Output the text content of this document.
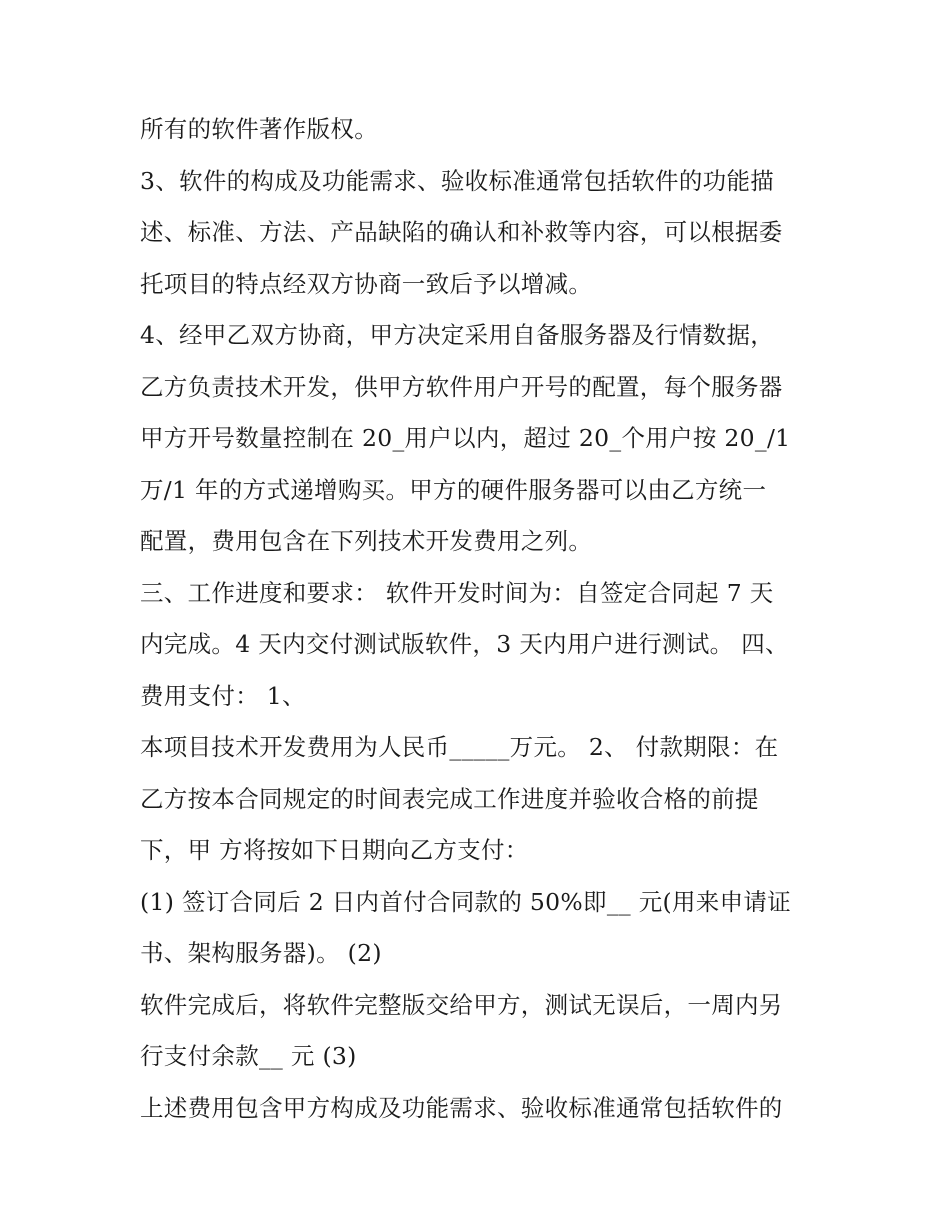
所有的软件著作版权。
3、软件的构成及功能需求、验收标准通常包括软件的功能描
述、标准、方法、产品缺陷的确认和补救等内容，可以根据委
托项目的特点经双方协商一致后予以增减。
4、经甲乙双方协商，甲方决定采用自备服务器及行情数据，
乙方负责技术开发，供甲方软件用户开号的配置，每个服务器
甲方开号数量控制在 20_用户以内，超过 20_个用户按 20_/1
万/1 年的方式递增购买。甲方的硬件服务器可以由乙方统一
配置，费用包含在下列技术开发费用之列。
三、工作进度和要求： 软件开发时间为：自签定合同起 7 天
内完成。4 天内交付测试版软件，3 天内用户进行测试。 四、
费用支付： 1、
本项目技术开发费用为人民币_____万元。 2、 付款期限：在
乙方按本合同规定的时间表完成工作进度并验收合格的前提
下，甲 方将按如下日期向乙方支付：
(1) 签订合同后 2 日内首付合同款的 50%即__ 元(用来申请证
书、架构服务器)。 (2)
软件完成后，将软件完整版交给甲方，测试无误后，一周内另
行支付余款__ 元 (3)
上述费用包含甲方构成及功能需求、验收标准通常包括软件的
